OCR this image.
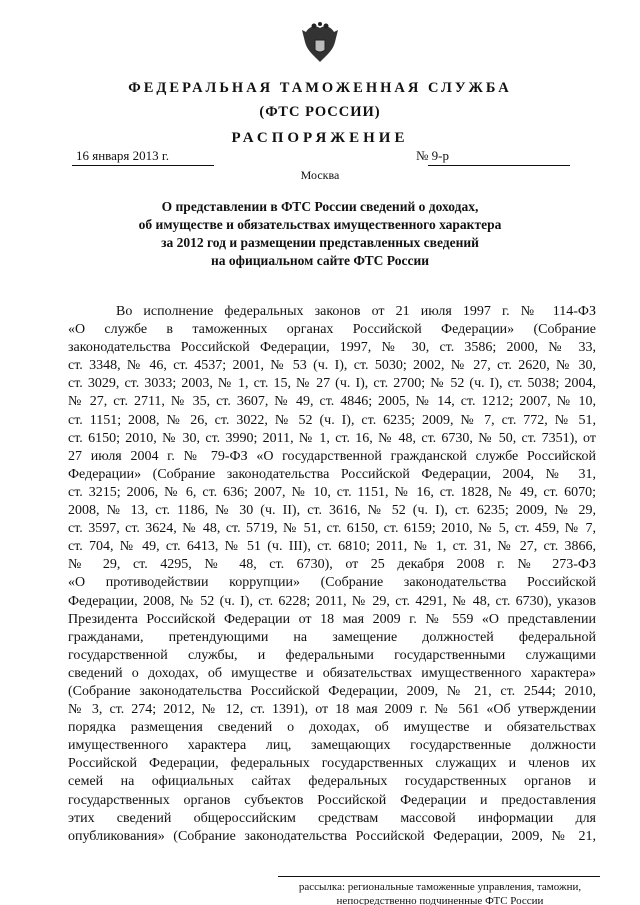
ФЕДЕРАЛЬНАЯ ТАМОЖЕННАЯ СЛУЖБА
(ФТС РОССИИ)
РАСПОРЯЖЕНИЕ
16 января 2013 г.	№ 9-р
Москва
О представлении в ФТС России сведений о доходах,
об имуществе и обязательствах имущественного характера
за 2012 год и размещении представленных сведений
на официальном сайте ФТС России
Во исполнение федеральных законов от 21 июля 1997 г. № 114-ФЗ
«О службе в таможенных органах Российской Федерации» (Собрание
законодательства Российской Федерации, 1997, № 30, ст. 3586; 2000, № 33,
ст. 3348, № 46, ст. 4537; 2001, № 53 (ч. I), ст. 5030; 2002, № 27, ст. 2620, № 30,
ст. 3029, ст. 3033; 2003, № 1, ст. 15, № 27 (ч. I), ст. 2700; № 52 (ч. I), ст. 5038; 2004,
№ 27, ст. 2711, № 35, ст. 3607, № 49, ст. 4846; 2005, № 14, ст. 1212; 2007, № 10,
ст. 1151; 2008, № 26, ст. 3022, № 52 (ч. I), ст. 6235; 2009, № 7, ст. 772, № 51,
ст. 6150; 2010, № 30, ст. 3990; 2011, № 1, ст. 16, № 48, ст. 6730, № 50, ст. 7351), от
27 июля 2004 г. № 79-ФЗ «О государственной гражданской службе Российской
Федерации» (Собрание законодательства Российской Федерации, 2004, № 31,
ст. 3215; 2006, № 6, ст. 636; 2007, № 10, ст. 1151, № 16, ст. 1828, № 49, ст. 6070;
2008, № 13, ст. 1186, № 30 (ч. II), ст. 3616, № 52 (ч. I), ст. 6235; 2009, № 29,
ст. 3597, ст. 3624, № 48, ст. 5719, № 51, ст. 6150, ст. 6159; 2010, № 5, ст. 459, № 7,
ст. 704, № 49, ст. 6413, № 51 (ч. III), ст. 6810; 2011, № 1, ст. 31, № 27, ст. 3866,
№ 29, ст. 4295, № 48, ст. 6730), от 25 декабря 2008 г. № 273-ФЗ
«О противодействии коррупции» (Собрание законодательства Российской
Федерации, 2008, № 52 (ч. I), ст. 6228; 2011, № 29, ст. 4291, № 48, ст. 6730), указов
Президента Российской Федерации от 18 мая 2009 г. № 559 «О представлении
гражданами, претендующими на замещение должностей федеральной
государственной службы, и федеральными государственными служащими
сведений о доходах, об имуществе и обязательствах имущественного характера»
(Собрание законодательства Российской Федерации, 2009, № 21, ст. 2544; 2010,
№ 3, ст. 274; 2012, № 12, ст. 1391), от 18 мая 2009 г. № 561 «Об утверждении
порядка размещения сведений о доходах, об имуществе и обязательствах
имущественного характера лиц, замещающих государственные должности
Российской Федерации, федеральных государственных служащих и членов их
семей на официальных сайтах федеральных государственных органов и
государственных органов субъектов Российской Федерации и предоставления
этих сведений общероссийским средствам массовой информации для
опубликования» (Собрание законодательства Российской Федерации, 2009, № 21,
рассылка: региональные таможенные управления, таможни,
непосредственно подчиненные ФТС России
